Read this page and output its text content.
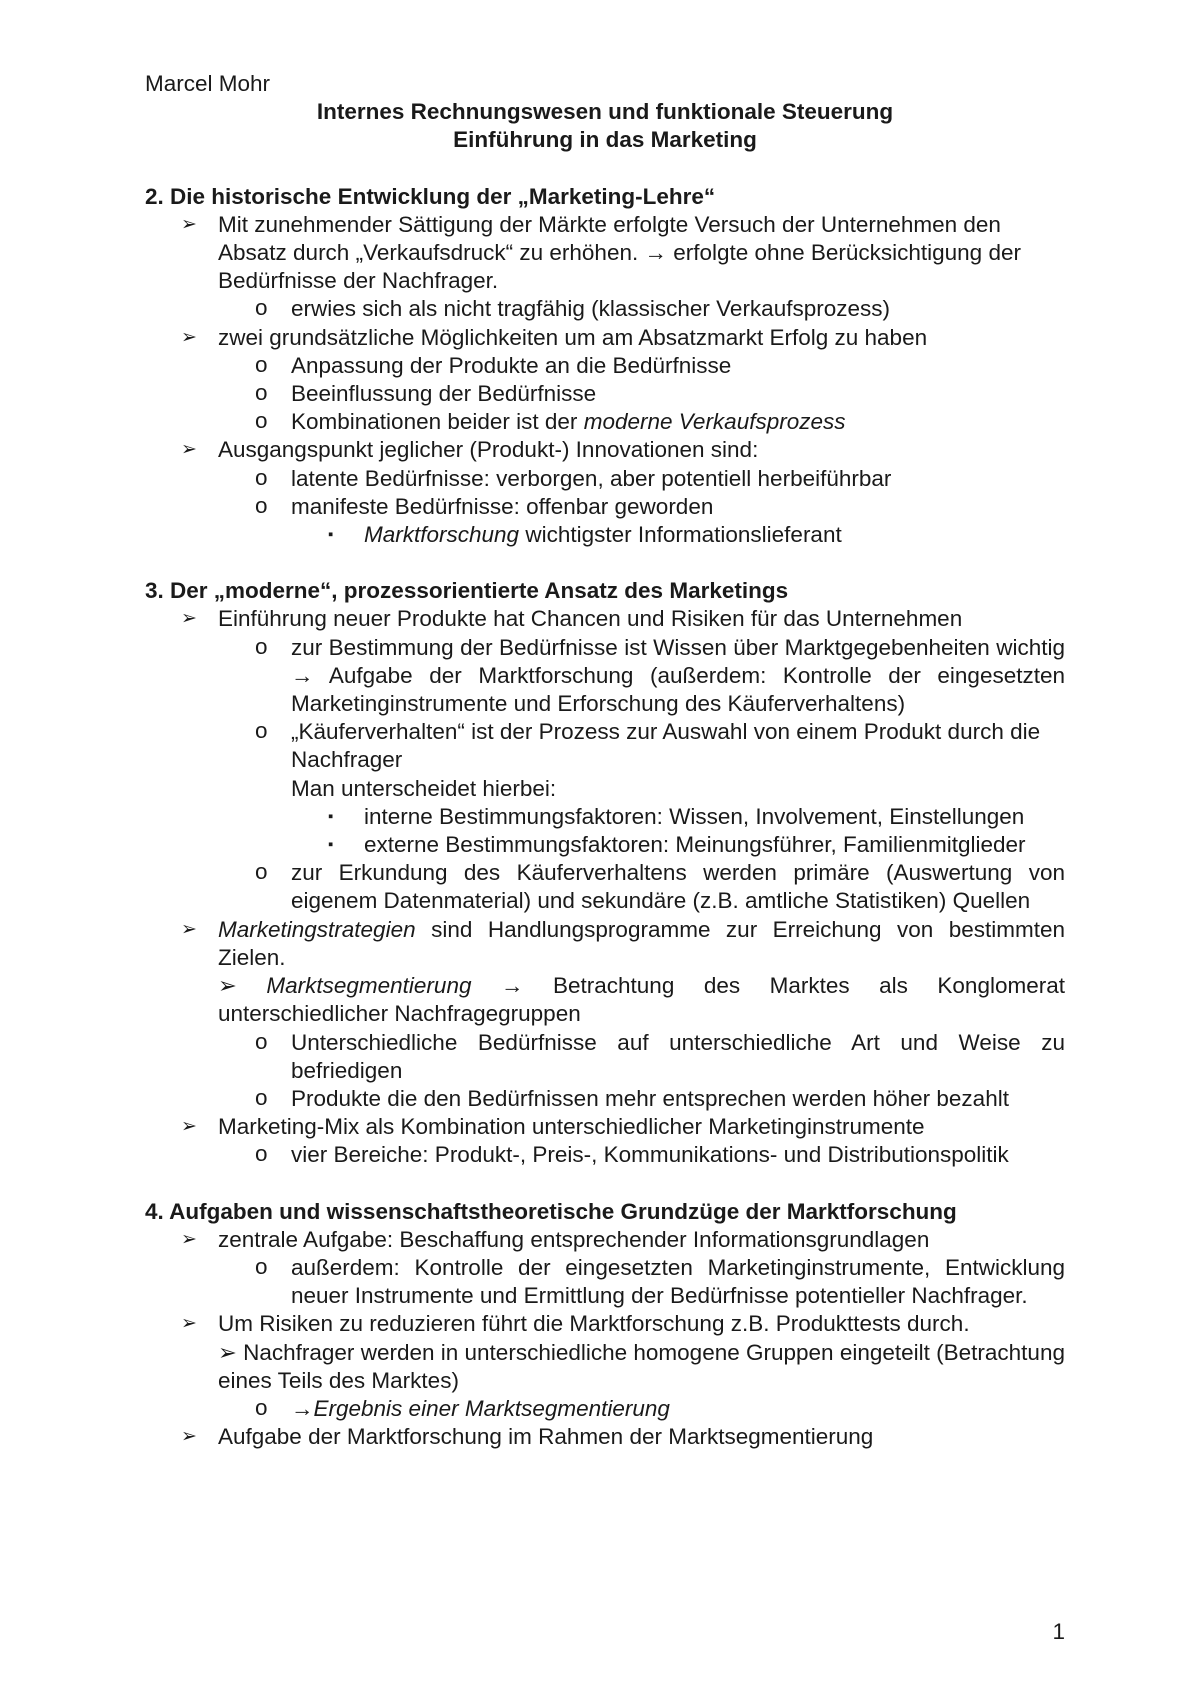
Marcel Mohr

Internes Rechnungswesen und funktionale Steuerung

Einführung in das Marketing

2. Die historische Entwicklung der „Marketing-Lehre“

➢ Mit zunehmender Sättigung der Märkte erfolgte Versuch der Unternehmen den Absatz durch „Verkaufsdruck“ zu erhöhen. → erfolgte ohne Berücksichtigung der Bedürfnisse der Nachfrager.
o erwies sich als nicht tragfähig (klassischer Verkaufsprozess)
➢ zwei grundsätzliche Möglichkeiten um am Absatzmarkt Erfolg zu haben
o Anpassung der Produkte an die Bedürfnisse
o Beeinflussung der Bedürfnisse
o Kombinationen beider ist der moderne Verkaufsprozess
➢ Ausgangspunkt jeglicher (Produkt-) Innovationen sind:
o latente Bedürfnisse: verborgen, aber potentiell herbeiführbar
o manifeste Bedürfnisse: offenbar geworden
▪ Marktforschung wichtigster Informationslieferant

3. Der „moderne“, prozessorientierte Ansatz des Marketings

➢ Einführung neuer Produkte hat Chancen und Risiken für das Unternehmen
o zur Bestimmung der Bedürfnisse ist Wissen über Marktgegebenheiten wichtig → Aufgabe der Marktforschung (außerdem: Kontrolle der eingesetzten Marketinginstrumente und Erforschung des Käuferverhaltens)
o „Käuferverhalten“ ist der Prozess zur Auswahl von einem Produkt durch die Nachfrager
Man unterscheidet hierbei:
▪ interne Bestimmungsfaktoren: Wissen, Involvement, Einstellungen
▪ externe Bestimmungsfaktoren: Meinungsführer, Familienmitglieder
o zur Erkundung des Käuferverhaltens werden primäre (Auswertung von eigenem Datenmaterial) und sekundäre (z.B. amtliche Statistiken) Quellen
➢ Marketingstrategien sind Handlungsprogramme zur Erreichung von bestimmten Zielen.
➢ Marktsegmentierung → Betrachtung des Marktes als Konglomerat unterschiedlicher Nachfragegruppen
o Unterschiedliche Bedürfnisse auf unterschiedliche Art und Weise zu befriedigen
o Produkte die den Bedürfnissen mehr entsprechen werden höher bezahlt
➢ Marketing-Mix als Kombination unterschiedlicher Marketinginstrumente
o vier Bereiche: Produkt-, Preis-, Kommunikations- und Distributionspolitik

4. Aufgaben und wissenschaftstheoretische Grundzüge der Marktforschung

➢ zentrale Aufgabe: Beschaffung entsprechender Informationsgrundlagen
o außerdem: Kontrolle der eingesetzten Marketinginstrumente, Entwicklung neuer Instrumente und Ermittlung der Bedürfnisse potentieller Nachfrager.
➢ Um Risiken zu reduzieren führt die Marktforschung z.B. Produkttests durch.
➢ Nachfrager werden in unterschiedliche homogene Gruppen eingeteilt (Betrachtung eines Teils des Marktes)
o →Ergebnis einer Marktsegmentierung
➢ Aufgabe der Marktforschung im Rahmen der Marktsegmentierung
1
